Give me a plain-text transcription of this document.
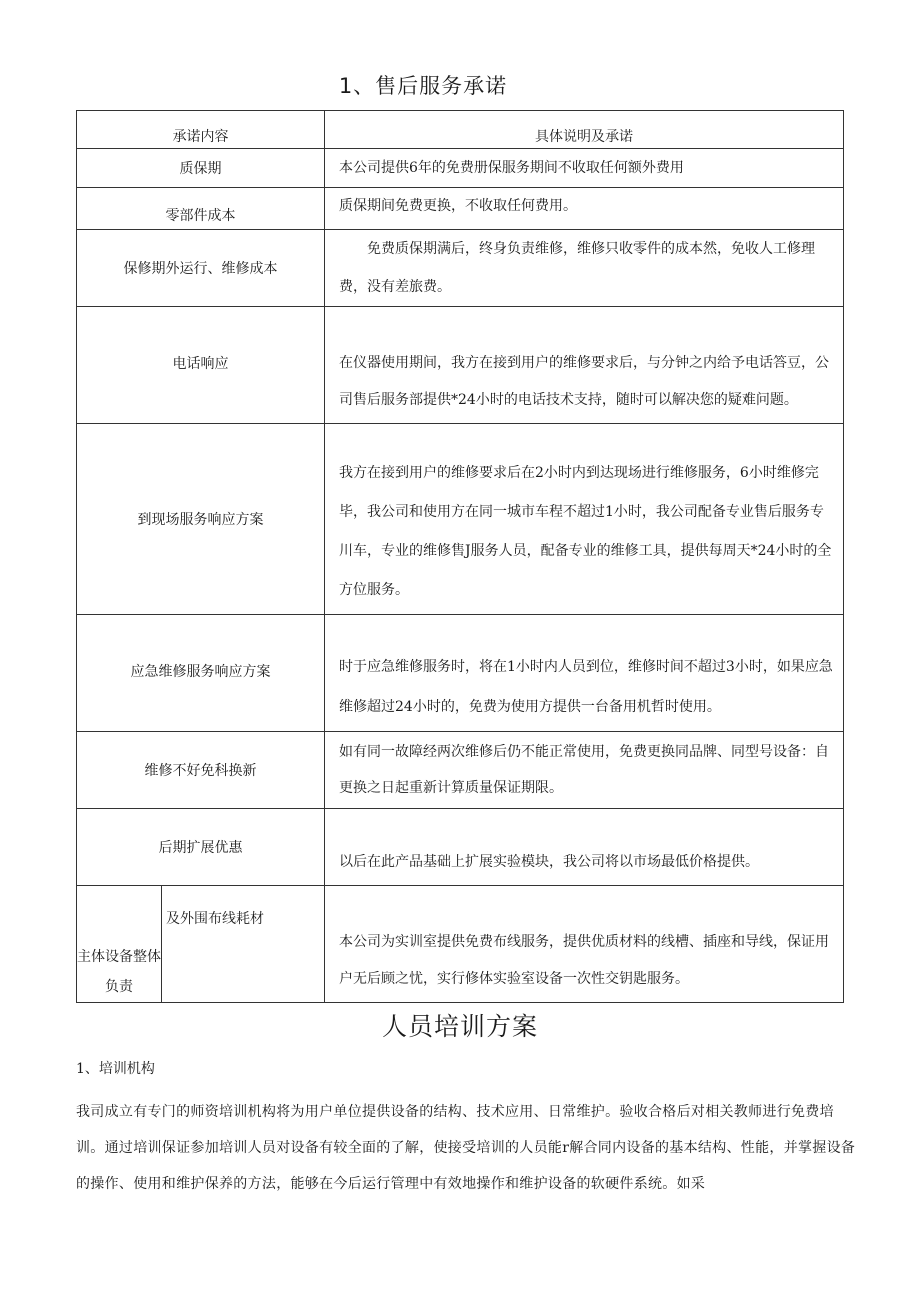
1、售后服务承诺
承诺内容		具体说明及承诺
质保期		本公司提供6年的免费册保服务期间不收取任何额外费用
零部件成本		质保期间免费更换，不收取任何费用。
保修期外运行、维修成本		免费质保期满后，终身负责维修，维修只收零件的成本然，免收人工修理费，没有差旅费。
电话响应		在仪器使用期间，我方在接到用户的维修要求后，与分钟之内给予电话答豆，公司售后服务部提供*24小时的电话技术支持，随时可以解决您的疑难问题。
到现场服务响应方案		我方在接到用户的维修要求后在2小时内到达现场进行维修服务，6小时维修完毕，我公司和使用方在同一城市车程不超过1小时，我公司配备专业售后服务专川车，专业的维修售J服务人员，配备专业的维修工具，提供每周天*24小时的全方位服务。
应急维修服务响应方案		时于应急维修服务时，将在1小时内人员到位，维修时间不超过3小时，如果应急维修超过24小时的，免费为使用方提供一台备用机哲时使用。
维修不好免科换新		如有同一故障经两次维修后仍不能正常使用，免费更换同品牌、同型号设备：自更换之日起重新计算质量保证期限。
后期扩展优惠		以后在此产品基础上扩展实验模块，我公司将以市场最低价格提供。
主体设备整体负责	及外围布线耗材	本公司为实训室提供免费布线服务，提供优质材料的线槽、插座和导线，保证用户无后顾之忧，实行修体实验室设备一次性交钥匙服务。
人员培训方案
1、培训机构
我司成立有专门的师资培训机构将为用户单位提供设备的结构、技术应用、日常维护。验收合格后对相关教师进行免费培训。通过培训保证参加培训人员对设备有较全面的了解，使接受培训的人员能r解合同内设备的基本结构、性能，并掌握设备的操作、使用和维护保养的方法，能够在今后运行管理中有效地操作和维护设备的软硬件系统。如采
